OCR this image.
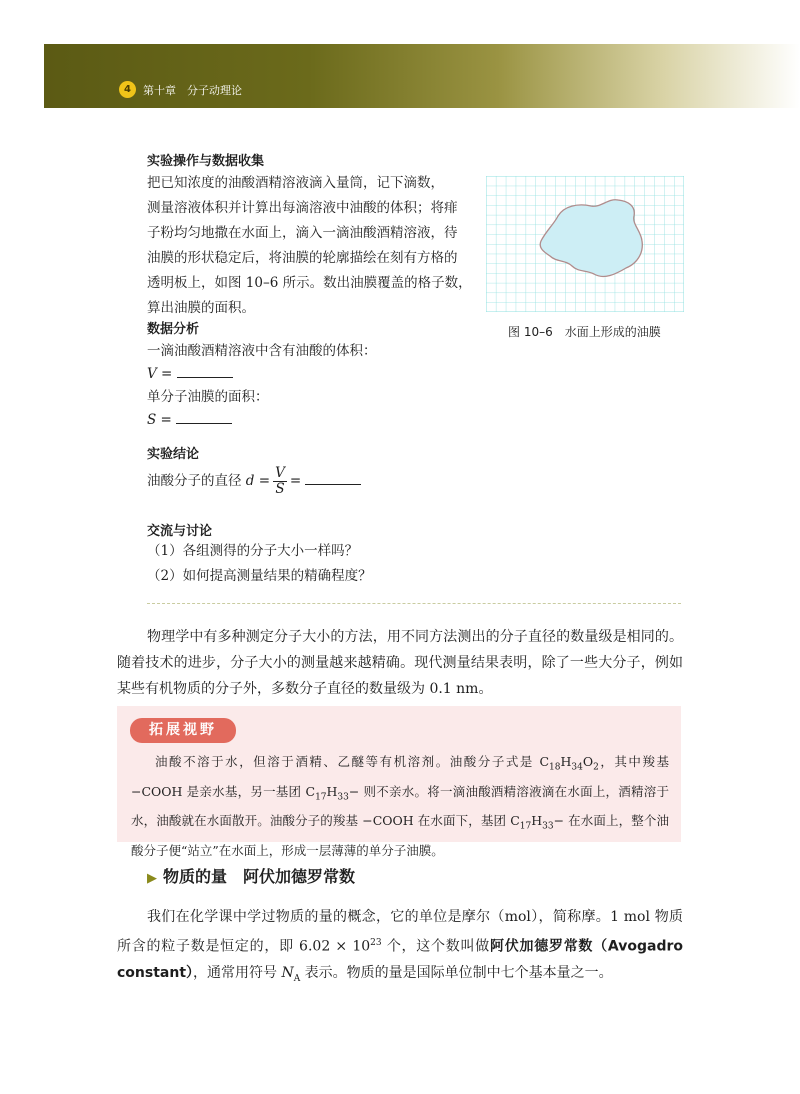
4	第十章　分子动理论
实验操作与数据收集
把已知浓度的油酸酒精溶液滴入量筒，记下滴数，
测量溶液体积并计算出每滴溶液中油酸的体积；将痱
子粉均匀地撒在水面上，滴入一滴油酸酒精溶液，待
油膜的形状稳定后，将油膜的轮廓描绘在刻有方格的
透明板上，如图 10–6 所示。数出油膜覆盖的格子数，
算出油膜的面积。
图 10–6　水面上形成的油膜
数据分析
一滴油酸酒精溶液中含有油酸的体积：
V =
单分子油膜的面积：
S =
实验结论
油酸分子的直径 $d = \frac{V}{S}$ =
交流与讨论
（1）各组测得的分子大小一样吗？
（2）如何提高测量结果的精确程度？
物理学中有多种测定分子大小的方法，用不同方法测出的分子直径的数量级是相同的。随着技术的进步，分子大小的测量越来越精确。现代测量结果表明，除了一些大分子，例如某些有机物质的分子外，多数分子直径的数量级为 0.1 nm。
拓展视野
油酸不溶于水，但溶于酒精、乙醚等有机溶剂。油酸分子式是 $C_{18}H_{34}O_2$，其中羧基 −COOH 是亲水基，另一基团 $C_{17}H_{33}-$ 则不亲水。将一滴油酸酒精溶液滴在水面上，酒精溶于水，油酸就在水面散开。油酸分子的羧基 −COOH 在水面下，基团 $C_{17}H_{33}-$ 在水面上，整个油酸分子便“站立”在水面上，形成一层薄薄的单分子油膜。
▶ 物质的量　阿伏加德罗常数
我们在化学课中学过物质的量的概念，它的单位是摩尔（mol），简称摩。1 mol 物质所含的粒子数是恒定的，即 $6.02 \times 10^{23}$ 个，这个数叫做阿伏加德罗常数（Avogadro constant），通常用符号 $N_A$ 表示。物质的量是国际单位制中七个基本量之一。
